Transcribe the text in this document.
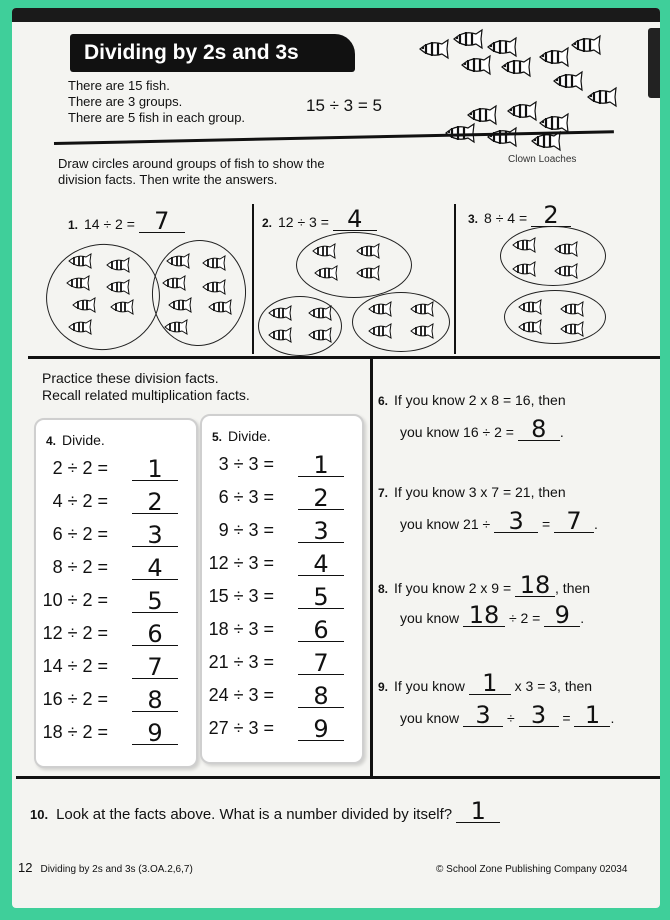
Dividing by 2s and 3s
There are 15 fish.
There are 3 groups.
There are 5 fish in each group.
15 ÷ 3 = 5
Clown Loaches
Draw circles around groups of fish to show the
division facts. Then write the answers.
1. 14 ÷ 2 = 7	2. 12 ÷ 3 = 4	3. 8 ÷ 4 = 2
Practice these division facts.
Recall related multiplication facts.
4. Divide.
2 ÷ 2 =	1
4 ÷ 2 =	2
6 ÷ 2 =	3
8 ÷ 2 =	4
10 ÷ 2 =	5
12 ÷ 2 =	6
14 ÷ 2 =	7
16 ÷ 2 =	8
18 ÷ 2 =	9
5. Divide.
3 ÷ 3 =	1
6 ÷ 3 =	2
9 ÷ 3 =	3
12 ÷ 3 =	4
15 ÷ 3 =	5
18 ÷ 3 =	6
21 ÷ 3 =	7
24 ÷ 3 =	8
27 ÷ 3 =	9
6. If you know 2 x 8 = 16, then
you know 16 ÷ 2 = 8 .
7. If you know 3 x 7 = 21, then
you know 21 ÷ 3 = 7 .
8. If you know 2 x 9 = 18 , then
you know 18 ÷ 2 = 9 .
9. If you know 1 x 3 = 3, then
you know 3 ÷ 3 = 1 .
10. Look at the facts above. What is a number divided by itself? 1
12 Dividing by 2s and 3s (3.OA.2,6,7)	© School Zone Publishing Company 02034
